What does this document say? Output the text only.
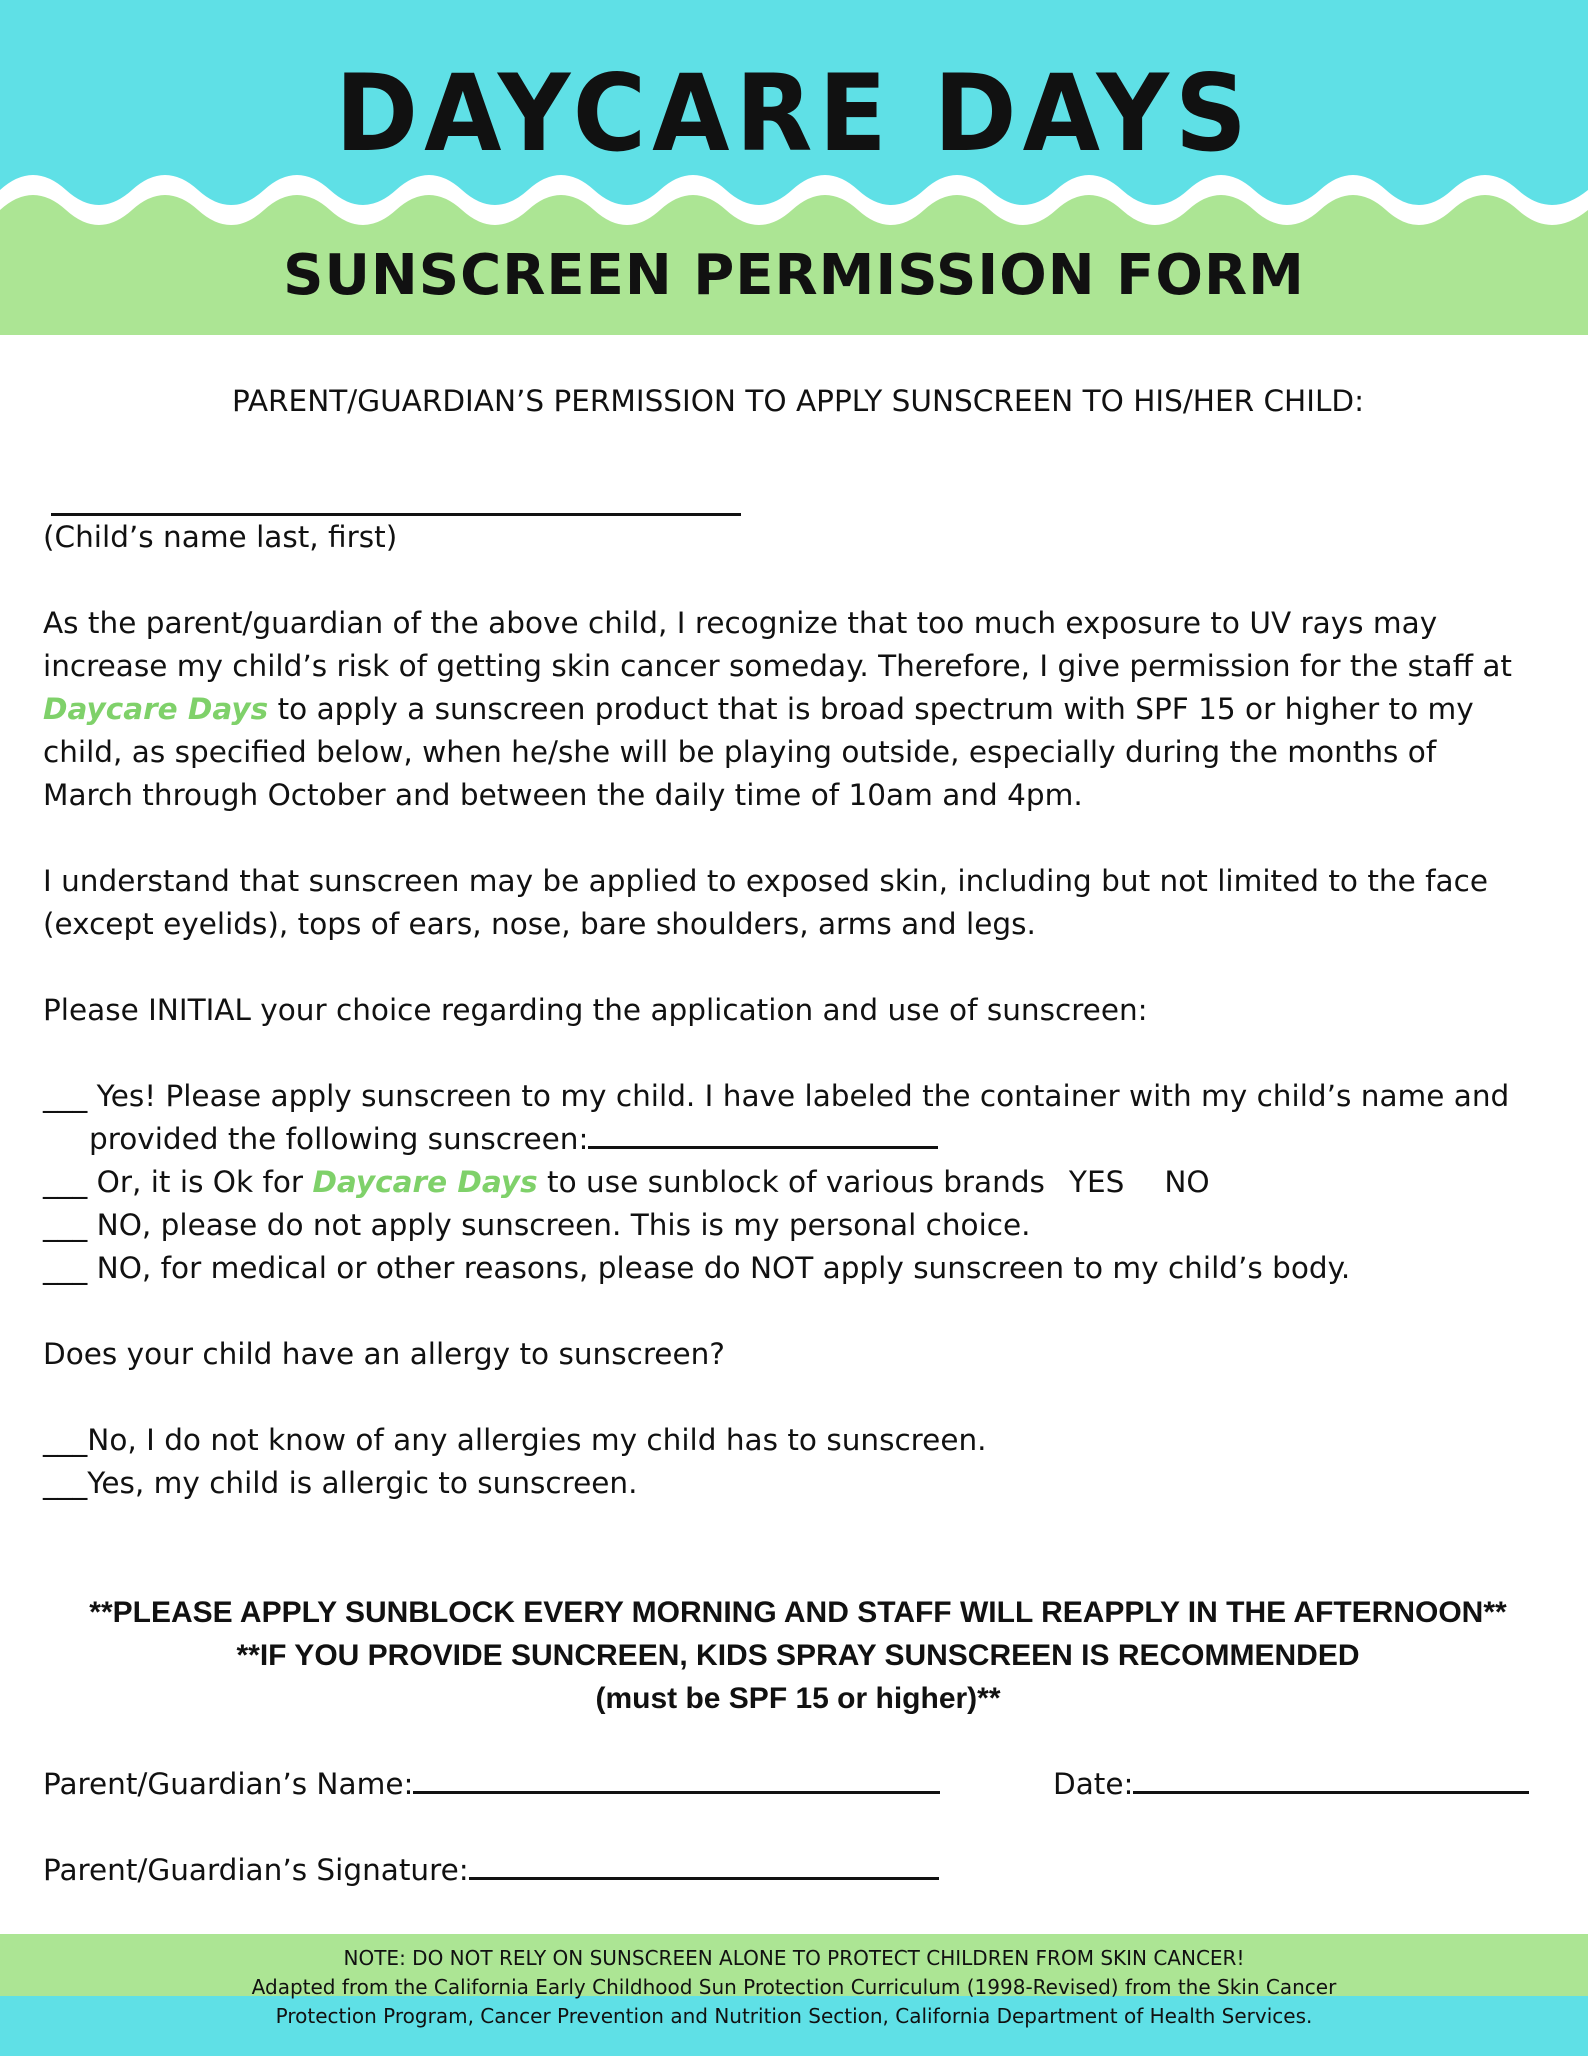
DAYCARE DAYS
SUNSCREEN PERMISSION FORM

PARENT/GUARDIAN’S PERMISSION TO APPLY SUNSCREEN TO HIS/HER CHILD:

(Child’s name last, first)

As the parent/guardian of the above child, I recognize that too much exposure to UV rays may

increase my child’s risk of getting skin cancer someday. Therefore, I give permission for the staff at

Daycare Days to apply a sunscreen product that is broad spectrum with SPF 15 or higher to my

child, as specified below, when he/she will be playing outside, especially during the months of

March through October and between the daily time of 10am and 4pm.

I understand that sunscreen may be applied to exposed skin, including but not limited to the face

(except eyelids), tops of ears, nose, bare shoulders, arms and legs.

Please INITIAL your choice regarding the application and use of sunscreen:

___ Yes! Please apply sunscreen to my child. I have labeled the container with my child’s name and

provided the following sunscreen:

___ Or, it is Ok for Daycare Days to use sunblock of various brands YES NO

___ NO, please do not apply sunscreen. This is my personal choice.

___ NO, for medical or other reasons, please do NOT apply sunscreen to my child’s body.

Does your child have an allergy to sunscreen?

___No, I do not know of any allergies my child has to sunscreen.

___Yes, my child is allergic to sunscreen.

**PLEASE APPLY SUNBLOCK EVERY MORNING AND STAFF WILL REAPPLY IN THE AFTERNOON**
**IF YOU PROVIDE SUNCREEN, KIDS SPRAY SUNSCREEN IS RECOMMENDED
(must be SPF 15 or higher)**
Parent/Guardian’s Name:	Date:
Parent/Guardian’s Signature:
NOTE: DO NOT RELY ON SUNSCREEN ALONE TO PROTECT CHILDREN FROM SKIN CANCER!
Adapted from the California Early Childhood Sun Protection Curriculum (1998-Revised) from the Skin Cancer
Protection Program, Cancer Prevention and Nutrition Section, California Department of Health Services.
